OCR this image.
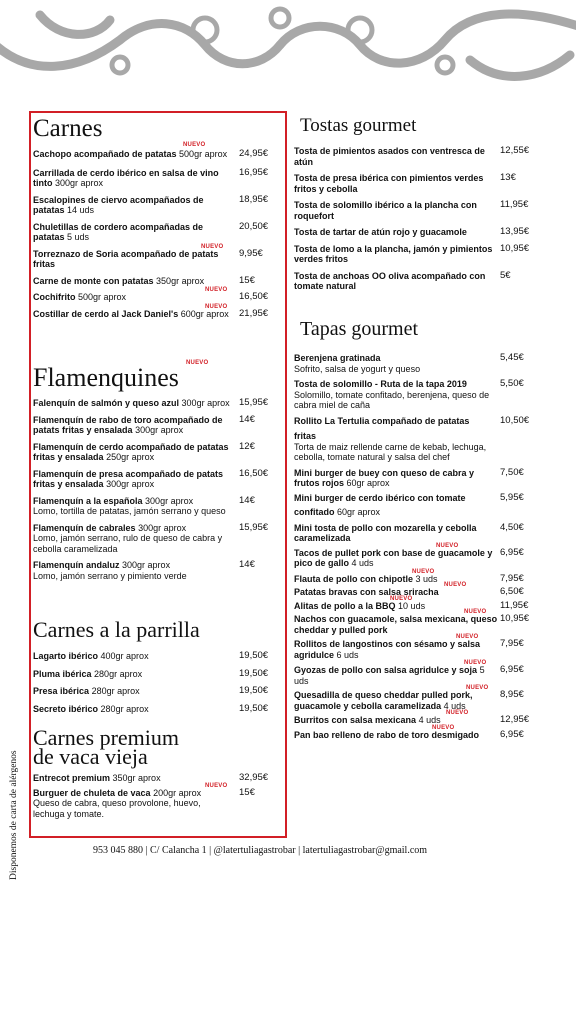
Carnes
NUEVO
Cachopo acompañado de patatas 500gr aprox 24,95€
Carrillada de cerdo ibérico en salsa de vino tinto 300gr aprox
16,95€
Escalopines de ciervo acompañados de patatas 14 uds
18,95€
Chuletillas de cordero acompañadas de patatas 5 uds
20,50€
Torreznazo de Soria acompañado de patats fritas
9,95€
NUEVO
Carne de monte con patatas 350gr aprox	15€
Cochifrito 500gr aprox	16,50€
NUEVO
Costillar de cerdo al Jack Daniel's 600gr aprox 21,95€
NUEVO
NUEVO
Flamenquines
Falenquín de salmón y queso azul 300gr aprox 15,95€
Flamenquín de rabo de toro acompañado de patats fritas y ensalada 300gr aprox
14€
Flamenquín de cerdo acompañado de patatas fritas y ensalada 250gr aprox
12€
Flamenquín de presa acompañado de patats fritas y ensalada 300gr aprox
16,50€
Flamenquín a la española 300gr aprox
Lomo, tortilla de patatas, jamón serrano y queso
14€
Flamenquín de cabrales 300gr aprox
Lomo, jamón serrano, rulo de queso de cabra y cebolla caramelizada
15,95€
Flamenquín andaluz 300gr aprox
Lomo, jamón serrano y pimiento verde
14€
Carnes a la parrilla
Lagarto ibérico 400gr aprox	19,50€
Pluma ibérica 280gr aprox	19,50€
Presa ibérica 280gr aprox	19,50€
Secreto ibérico 280gr aprox	19,50€
Carnes premium
de vaca vieja
Entrecot premium 350gr aprox	32,95€
Burguer de chuleta de vaca 200gr aprox
Queso de cabra, queso provolone, huevo, lechuga y tomate.
15€
NUEVO
Tostas gourmet
Tosta de pimientos asados con ventresca de atún
12,55€
Tosta de presa ibérica con pimientos verdes fritos y cebolla
13€
Tosta de solomillo ibérico a la plancha con roquefort
11,95€
Tosta de tartar de atún rojo y guacamole	13,95€
Tosta de lomo a la plancha, jamón y pimientos verdes fritos
10,95€
Tosta de anchoas OO oliva acompañado con tomate natural
5€
Tapas gourmet
Berenjena gratinada
Sofrito, salsa de yogurt y queso
5,45€
Tosta de solomillo - Ruta de la tapa 2019
Solomillo, tomate confitado, berenjena, queso de cabra miel de caña
5,50€
Rollito La Tertulia compañado de patatas	10,50€
fritas
Torta de maiz rellende carne de kebab, lechuga, cebolla, tomate natural y salsa del chef
Mini burger de buey con queso de cabra y frutos rojos 60gr aprox
7,50€
Mini burger de cerdo ibérico con tomate	5,95€
confitado 60gr aprox
Mini tosta de pollo con mozarella y cebolla caramelizada
4,50€
Tacos de pullet pork con base de guacamole y pico de gallo 4 uds
6,95€
NUEVO
Flauta de pollo con chipotle 3 uds	7,95€
NUEVO
Patatas bravas con salsa sriracha	6,50€
NUEVO
Alitas de pollo a la BBQ 10 uds	11,95€
NUEVO
Nachos con guacamole, salsa mexicana, queso cheddar y pulled pork
10,95€
NUEVO
Rollitos de langostinos con sésamo y salsa agridulce 6 uds
7,95€
NUEVO
Gyozas de pollo con salsa agridulce y soja 5 uds
6,95€
NUEVO
Quesadilla de queso cheddar pulled pork, guacamole y cebolla caramelizada 4 uds
8,95€
NUEVO
Burritos con salsa mexicana 4 uds	12,95€
NUEVO
Pan bao relleno de rabo de toro desmigado 6,95€
NUEVO
953 045 880 | C/ Calancha 1 | @latertuliagastrobar | latertuliagastrobar@gmail.com
Disponemos de carta de alérgenos
